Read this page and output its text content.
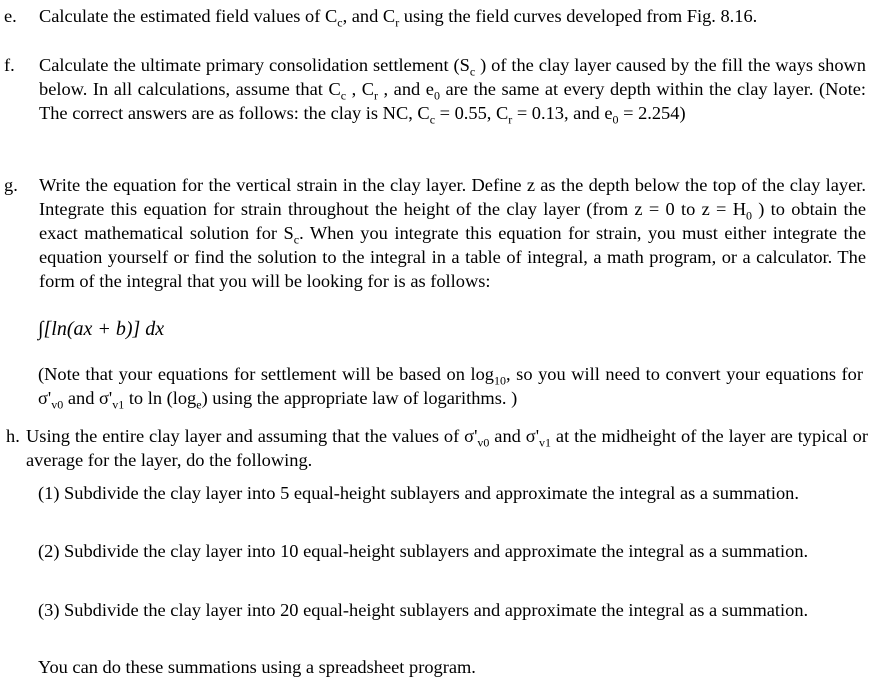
e. Calculate the estimated field values of $C_c$, and $C_r$ using the field curves developed from Fig. 8.16.
f. Calculate the ultimate primary consolidation settlement ($S_c$ ) of the clay layer caused by the fill the ways shown below. In all calculations, assume that $C_c$ , $C_r$ , and $e_0$ are the same at every depth within the clay layer. (Note: The correct answers are as follows: the clay is NC, $C_c = 0.55$, $C_r = 0.13$, and $e_0 = 2.254$)
g. Write the equation for the vertical strain in the clay layer. Define z as the depth below the top of the clay layer. Integrate this equation for strain throughout the height of the clay layer (from z = 0 to $z = H_0$ ) to obtain the exact mathematical solution for $S_c$. When you integrate this equation for strain, you must either integrate the equation yourself or find the solution to the integral in a table of integral, a math program, or a calculator. The form of the integral that you will be looking for is as follows:
∫[ln(ax + b)] dx
(Note that your equations for settlement will be based on $\log_{10}$, so you will need to convert your equations for $\sigma'_{v0}$ and $\sigma'_{v1}$ to $\ln (\log_e)$ using the appropriate law of logarithms. )
h. Using the entire clay layer and assuming that the values of $\sigma'_{v0}$ and $\sigma'_{v1}$ at the midheight of the layer are typical or average for the layer, do the following.
(1) Subdivide the clay layer into 5 equal-height sublayers and approximate the integral as a summation.
(2) Subdivide the clay layer into 10 equal-height sublayers and approximate the integral as a summation.
(3) Subdivide the clay layer into 20 equal-height sublayers and approximate the integral as a summation.
You can do these summations using a spreadsheet program.
